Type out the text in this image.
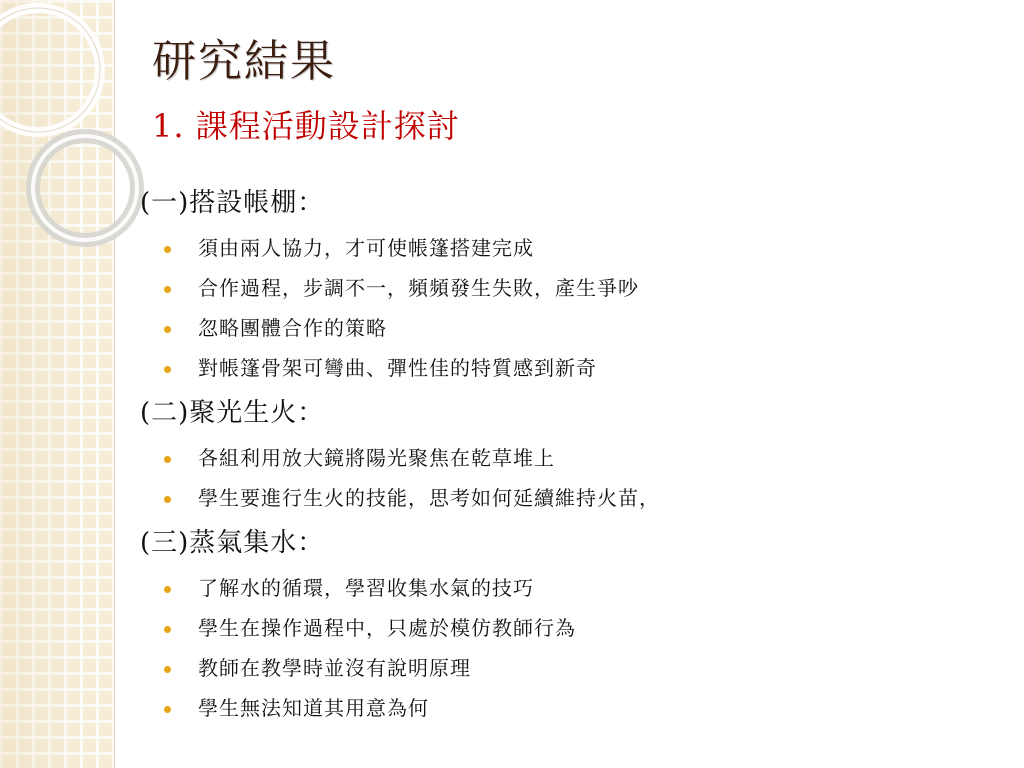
研究結果
1. 課程活動設計探討
(一)搭設帳棚：
須由兩人協力，才可使帳篷搭建完成
合作過程，步調不一，頻頻發生失敗，產生爭吵
忽略團體合作的策略
對帳篷骨架可彎曲、彈性佳的特質感到新奇
(二)聚光生火：
各組利用放大鏡將陽光聚焦在乾草堆上
學生要進行生火的技能，思考如何延續維持火苗，
(三)蒸氣集水：
了解水的循環，學習收集水氣的技巧
學生在操作過程中，只處於模仿教師行為
教師在教學時並沒有說明原理
學生無法知道其用意為何
